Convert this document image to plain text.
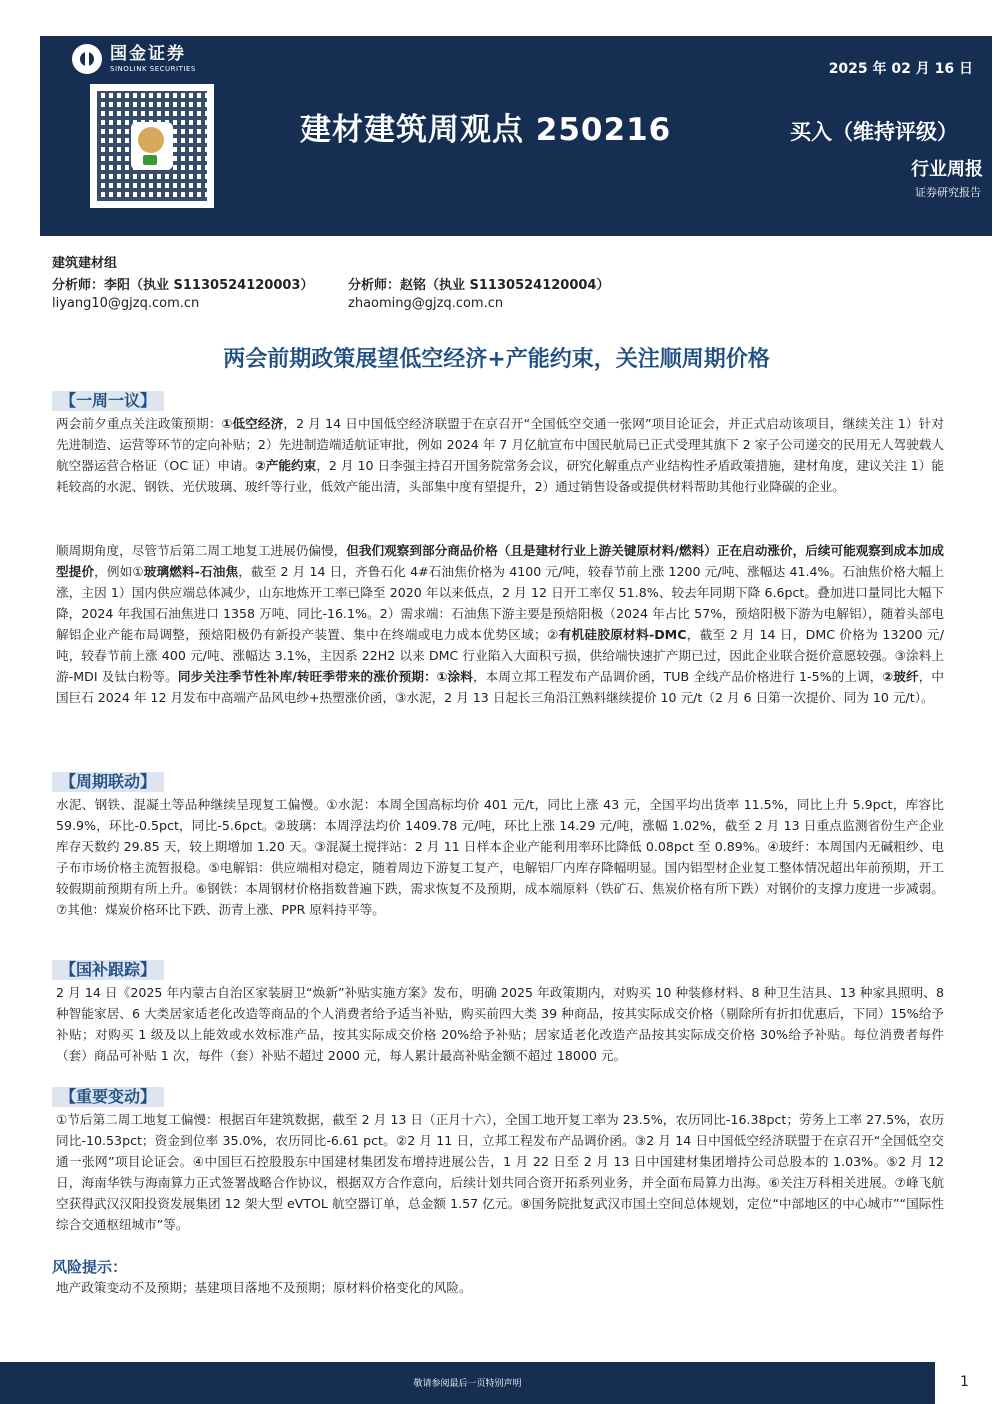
国金证券
SINOLINK SECURITIES	2025 年 02 月 16 日
建材建筑周观点 250216	买入（维持评级）
行业周报
证券研究报告
建筑建材组
分析师：李阳（执业 S1130524120003）
liyang10@gjzq.com.cn
分析师：赵铭（执业 S1130524120004）
zhaoming@gjzq.com.cn
两会前期政策展望低空经济+产能约束，关注顺周期价格
【一周一议】

两会前夕重点关注政策预期：①低空经济，2 月 14 日中国低空经济联盟于在京召开“全国低空交通一张网”项目论证会，并正式启动该项目，继续关注 1）针对先进制造、运营等环节的定向补贴；2）先进制造端适航证审批，例如 2024 年 7 月亿航宣布中国民航局已正式受理其旗下 2 家子公司递交的民用无人驾驶载人航空器运营合格证（OC 证）申请。②产能约束，2 月 10 日李强主持召开国务院常务会议，研究化解重点产业结构性矛盾政策措施，建材角度，建议关注 1）能耗较高的水泥、钢铁、光伏玻璃、玻纤等行业，低效产能出清，头部集中度有望提升，2）通过销售设备或提供材料帮助其他行业降碳的企业。

顺周期角度，尽管节后第二周工地复工进展仍偏慢，但我们观察到部分商品价格（且是建材行业上游关键原材料/燃料）正在启动涨价，后续可能观察到成本加成型提价，例如①玻璃燃料-石油焦，截至 2 月 14 日，齐鲁石化 4#石油焦价格为 4100 元/吨，较春节前上涨 1200 元/吨、涨幅达 41.4%。石油焦价格大幅上涨，主因 1）国内供应端总体减少，山东地炼开工率已降至 2020 年以来低点，2 月 12 日开工率仅 51.8%、较去年同期下降 6.6pct。叠加进口量同比大幅下降，2024 年我国石油焦进口 1358 万吨、同比-16.1%。2）需求端：石油焦下游主要是预焙阳极（2024 年占比 57%，预焙阳极下游为电解铝），随着头部电解铝企业产能布局调整，预焙阳极仍有新投产装置、集中在终端或电力成本优势区域；②有机硅胶原材料-DMC，截至 2 月 14 日，DMC 价格为 13200 元/吨，较春节前上涨 400 元/吨、涨幅达 3.1%，主因系 22H2 以来 DMC 行业陷入大面积亏损，供给端快速扩产期已过，因此企业联合挺价意愿较强。③涂料上游-MDI 及钛白粉等。同步关注季节性补库/转旺季带来的涨价预期：①涂料，本周立邦工程发布产品调价函，TUB 全线产品价格进行 1-5%的上调，②玻纤，中国巨石 2024 年 12 月发布中高端产品风电纱+热塑涨价函，③水泥，2 月 13 日起长三角沿江熟料继续提价 10 元/t（2 月 6 日第一次提价、同为 10 元/t）。

【周期联动】

水泥、钢铁、混凝土等品种继续呈现复工偏慢。①水泥：本周全国高标均价 401 元/t，同比上涨 43 元，全国平均出货率 11.5%，同比上升 5.9pct，库容比 59.9%，环比-0.5pct，同比-5.6pct。②玻璃：本周浮法均价 1409.78 元/吨，环比上涨 14.29 元/吨，涨幅 1.02%，截至 2 月 13 日重点监测省份生产企业库存天数约 29.85 天，较上期增加 1.20 天。③混凝土搅拌站：2 月 11 日样本企业产能利用率环比降低 0.08pct 至 0.89%。④玻纤：本周国内无碱粗纱、电子布市场价格主流暂报稳。⑤电解铝：供应端相对稳定，随着周边下游复工复产，电解铝厂内库存降幅明显。国内铝型材企业复工整体情况超出年前预期，开工较假期前预期有所上升。⑥钢铁：本周钢材价格指数普遍下跌，需求恢复不及预期，成本端原料（铁矿石、焦炭价格有所下跌）对钢价的支撑力度进一步减弱。⑦其他：煤炭价格环比下跌、沥青上涨、PPR 原料持平等。

【国补跟踪】

2 月 14 日《2025 年内蒙古自治区家装厨卫“焕新”补贴实施方案》发布，明确 2025 年政策期内，对购买 10 种装修材料、8 种卫生洁具、13 种家具照明、8 种智能家居、6 大类居家适老化改造等商品的个人消费者给予适当补贴，购买前四大类 39 种商品，按其实际成交价格（剔除所有折扣优惠后，下同）15%给予补贴；对购买 1 级及以上能效或水效标准产品，按其实际成交价格 20%给予补贴；居家适老化改造产品按其实际成交价格 30%给予补贴。每位消费者每件（套）商品可补贴 1 次，每件（套）补贴不超过 2000 元，每人累计最高补贴金额不超过 18000 元。

【重要变动】

①节后第二周工地复工偏慢：根据百年建筑数据，截至 2 月 13 日（正月十六），全国工地开复工率为 23.5%，农历同比-16.38pct；劳务上工率 27.5%，农历同比-10.53pct；资金到位率 35.0%，农历同比-6.61 pct。②2 月 11 日，立邦工程发布产品调价函。③2 月 14 日中国低空经济联盟于在京召开“全国低空交通一张网”项目论证会。④中国巨石控股股东中国建材集团发布增持进展公告，1 月 22 日至 2 月 13 日中国建材集团增持公司总股本的 1.03%。⑤2 月 12 日，海南华铁与海南算力正式签署战略合作协议，根据双方合作意向，后续计划共同合资开拓系列业务，并全面布局算力出海。⑥关注万科相关进展。⑦峰飞航空获得武汉汉阳投资发展集团 12 架大型 eVTOL 航空器订单，总金额 1.57 亿元。⑧国务院批复武汉市国土空间总体规划，定位“中部地区的中心城市”“国际性综合交通枢纽城市”等。

风险提示：

地产政策变动不及预期；基建项目落地不及预期；原材料价格变化的风险。

敬请参阅最后一页特别声明	1
